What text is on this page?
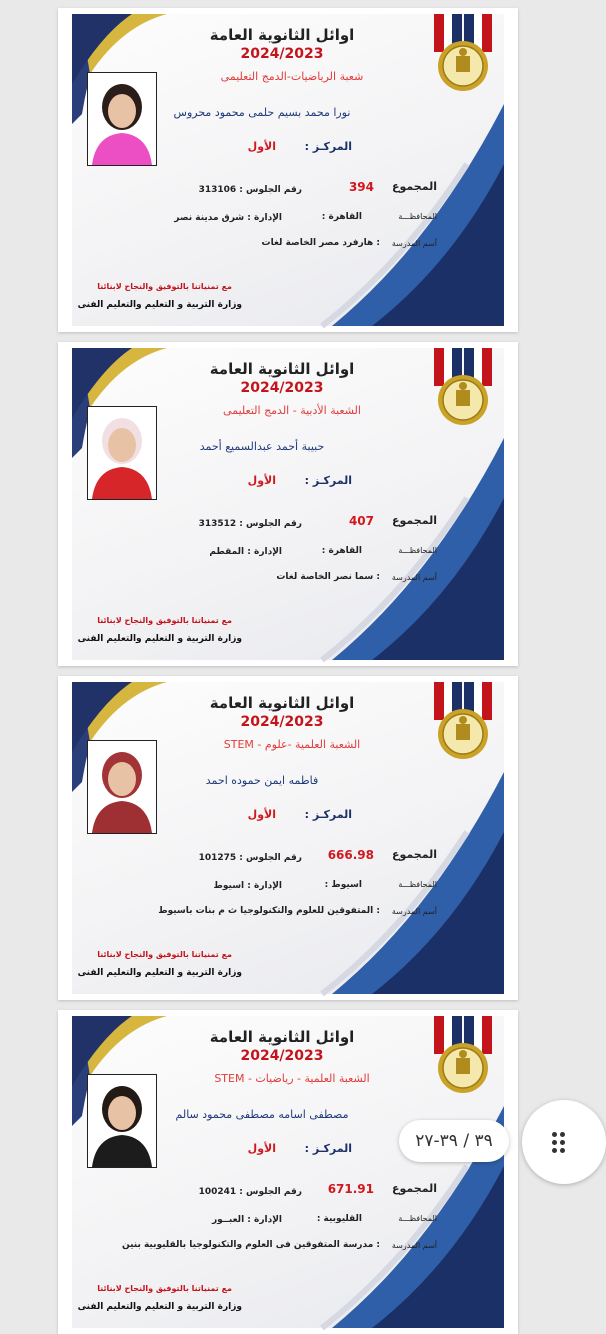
اوائل الثانوية العامة
2024/2023
شعبة الرياضيات-الدمج التعليمى
نورا محمد بسيم حلمى محمود محروس
المركـز :
الأول
المجموع
394
رقم الجلوس : 313106
المحافظـــة
: القاهرة
الإدارة : شرق مدينة نصر
أسم المدرسة
: هارفرد مصر الخاصة لغات
مع تمنياتنا بالتوفيق والنجاح لابنائنا
وزارة التربية و التعليم والتعليم الفنى
اوائل الثانوية العامة
2024/2023
الشعبة الأدبية - الدمج التعليمى
حبيبة أحمد عبدالسميع أحمد
المركـز :
الأول
المجموع
407
رقم الجلوس : 313512
المحافظـــة
: القاهرة
الإدارة : المقطم
أسم المدرسة
: سما نصر الخاصة لغات
مع تمنياتنا بالتوفيق والنجاح لابنائنا
وزارة التربية و التعليم والتعليم الفنى
اوائل الثانوية العامة
2024/2023
الشعبة العلمية -علوم - STEM
فاطمه ايمن حموده احمد
المركـز :
الأول
المجموع
666.98
رقم الجلوس : 101275
المحافظـــة
: اسيوط
الإدارة : اسيوط
أسم المدرسة
: المتفوقين للعلوم والتكنولوجيا ث م بنات باسيوط
مع تمنياتنا بالتوفيق والنجاح لابنائنا
وزارة التربية و التعليم والتعليم الفنى
اوائل الثانوية العامة
2024/2023
الشعبة العلمية - رياضيات - STEM
مصطفى اسامه مصطفى محمود سالم
المركـز :
الأول
المجموع
671.91
رقم الجلوس : 100241
المحافظـــة
: القليوبية
الإدارة : العبــور
أسم المدرسة
: مدرسة المتفوقين فى العلوم والتكنولوجيا بالقليوبية بنين
مع تمنياتنا بالتوفيق والنجاح لابنائنا
وزارة التربية و التعليم والتعليم الفنى
٣٩ / ٣٩-٢٧
